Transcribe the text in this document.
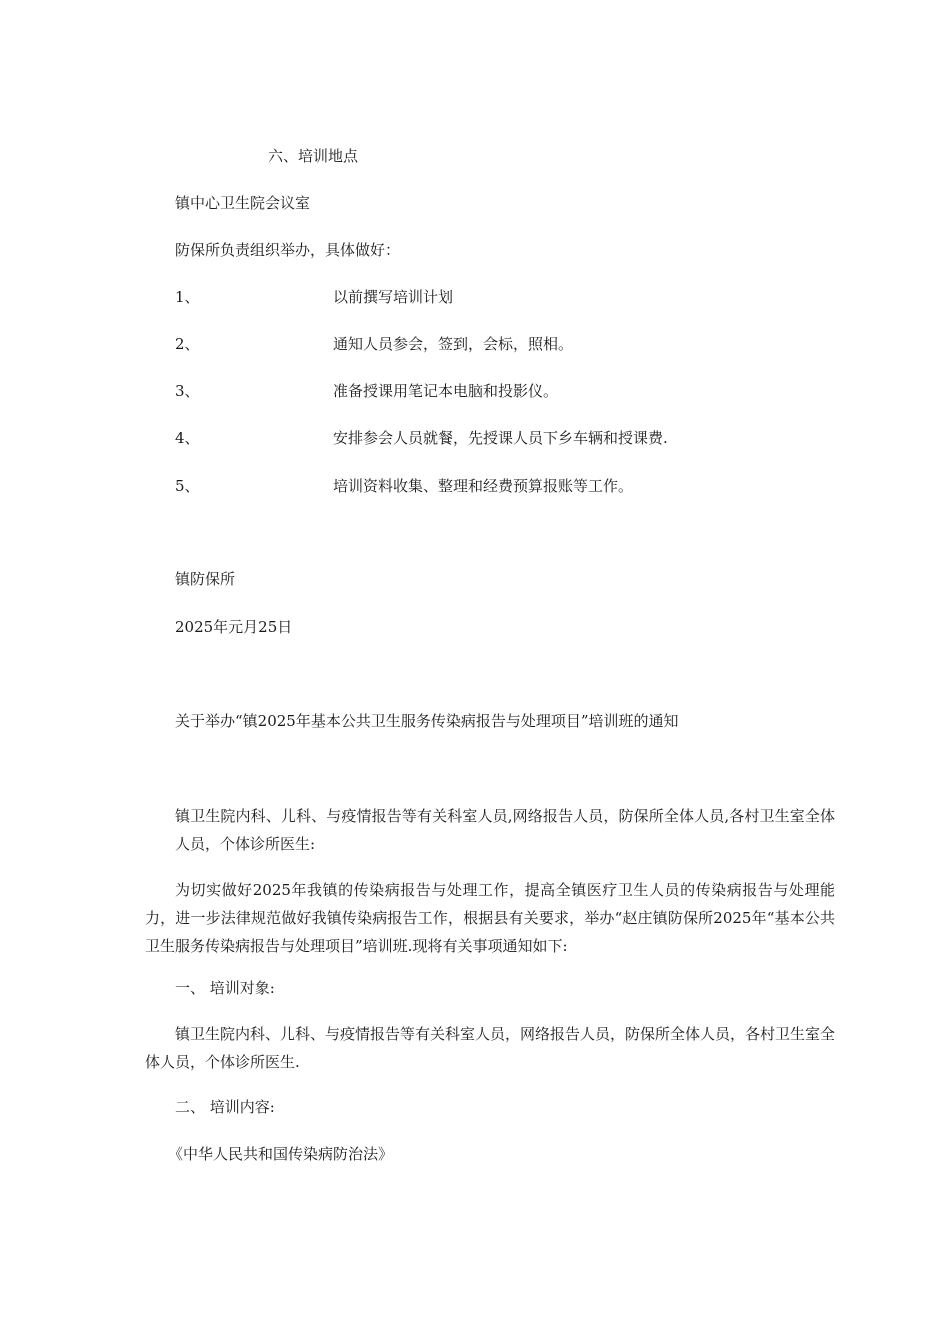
六、培训地点

镇中心卫生院会议室

防保所负责组织举办，具体做好：

1、	以前撰写培训计划
2、	通知人员参会，签到，会标，照相。
3、	准备授课用笔记本电脑和投影仪。
4、	安排参会人员就餐，先授课人员下乡车辆和授课费.
5、	培训资料收集、整理和经费预算报账等工作。

镇防保所

2025年元月25日

关于举办“镇2025年基本公共卫生服务传染病报告与处理项目”培训班的通知

镇卫生院内科、儿科、与疫情报告等有关科室人员,网络报告人员，防保所全体人员,各村卫生室全体人员，个体诊所医生:

为切实做好2025年我镇的传染病报告与处理工作，提高全镇医疗卫生人员的传染病报告与处理能力，进一步法律规范做好我镇传染病报告工作，根据县有关要求，举办“赵庄镇防保所2025年“基本公共卫生服务传染病报告与处理项目”培训班.现将有关事项通知如下:

一、 培训对象:

镇卫生院内科、儿科、与疫情报告等有关科室人员，网络报告人员，防保所全体人员，各村卫生室全体人员，个体诊所医生.

二、 培训内容:

《中华人民共和国传染病防治法》
